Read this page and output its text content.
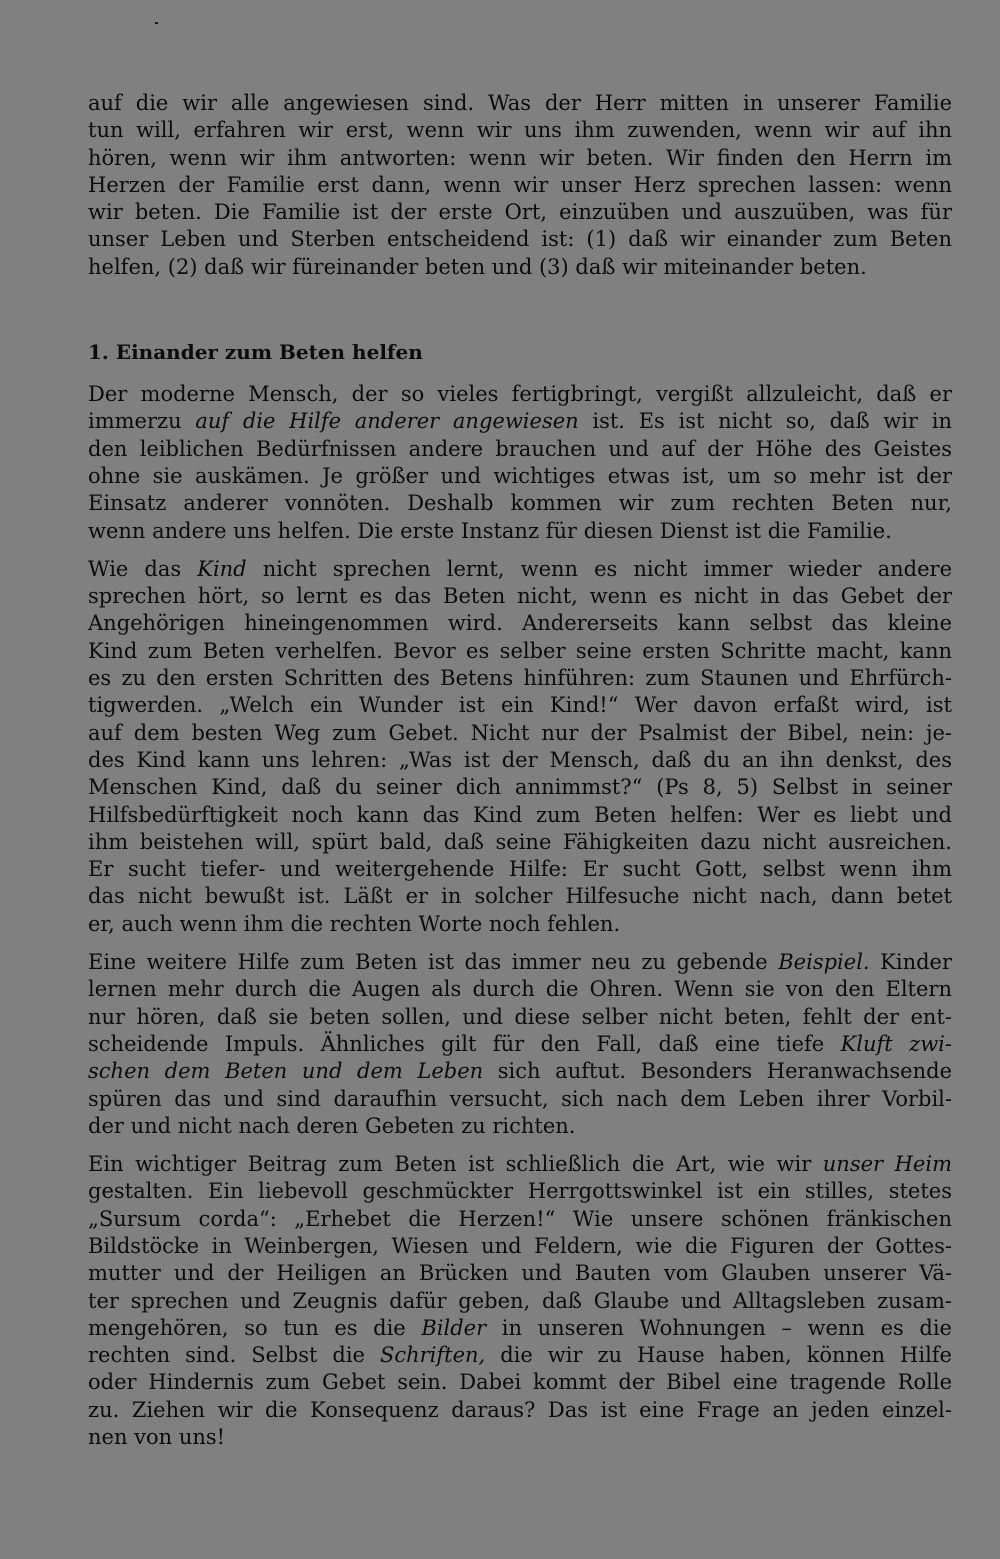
auf die wir alle angewiesen sind. Was der Herr mitten in unserer Familie
tun will, erfahren wir erst, wenn wir uns ihm zuwenden, wenn wir auf ihn
hören, wenn wir ihm antworten: wenn wir beten. Wir finden den Herrn im
Herzen der Familie erst dann, wenn wir unser Herz sprechen lassen: wenn
wir beten. Die Familie ist der erste Ort, einzuüben und auszuüben, was für
unser Leben und Sterben entscheidend ist: (1) daß wir einander zum Beten
helfen, (2) daß wir füreinander beten und (3) daß wir miteinander beten.

1. Einander zum Beten helfen

Der moderne Mensch, der so vieles fertigbringt, vergißt allzuleicht, daß er
immerzu auf die Hilfe anderer angewiesen ist. Es ist nicht so, daß wir in
den leiblichen Bedürfnissen andere brauchen und auf der Höhe des Geistes
ohne sie auskämen. Je größer und wichtiges etwas ist, um so mehr ist der
Einsatz anderer vonnöten. Deshalb kommen wir zum rechten Beten nur,
wenn andere uns helfen. Die erste Instanz für diesen Dienst ist die Familie.

Wie das Kind nicht sprechen lernt, wenn es nicht immer wieder andere
sprechen hört, so lernt es das Beten nicht, wenn es nicht in das Gebet der
Angehörigen hineingenommen wird. Andererseits kann selbst das kleine
Kind zum Beten verhelfen. Bevor es selber seine ersten Schritte macht, kann
es zu den ersten Schritten des Betens hinführen: zum Staunen und Ehrfürch-
tigwerden. „Welch ein Wunder ist ein Kind!“ Wer davon erfaßt wird, ist
auf dem besten Weg zum Gebet. Nicht nur der Psalmist der Bibel, nein: je-
des Kind kann uns lehren: „Was ist der Mensch, daß du an ihn denkst, des
Menschen Kind, daß du seiner dich annimmst?“ (Ps 8, 5) Selbst in seiner
Hilfsbedürftigkeit noch kann das Kind zum Beten helfen: Wer es liebt und
ihm beistehen will, spürt bald, daß seine Fähigkeiten dazu nicht ausreichen.
Er sucht tiefer- und weitergehende Hilfe: Er sucht Gott, selbst wenn ihm
das nicht bewußt ist. Läßt er in solcher Hilfesuche nicht nach, dann betet
er, auch wenn ihm die rechten Worte noch fehlen.

Eine weitere Hilfe zum Beten ist das immer neu zu gebende Beispiel. Kinder
lernen mehr durch die Augen als durch die Ohren. Wenn sie von den Eltern
nur hören, daß sie beten sollen, und diese selber nicht beten, fehlt der ent-
scheidende Impuls. Ähnliches gilt für den Fall, daß eine tiefe Kluft zwi-
schen dem Beten und dem Leben sich auftut. Besonders Heranwachsende
spüren das und sind daraufhin versucht, sich nach dem Leben ihrer Vorbil-
der und nicht nach deren Gebeten zu richten.

Ein wichtiger Beitrag zum Beten ist schließlich die Art, wie wir unser Heim
gestalten. Ein liebevoll geschmückter Herrgottswinkel ist ein stilles, stetes
„Sursum corda“: „Erhebet die Herzen!“ Wie unsere schönen fränkischen
Bildstöcke in Weinbergen, Wiesen und Feldern, wie die Figuren der Gottes-
mutter und der Heiligen an Brücken und Bauten vom Glauben unserer Vä-
ter sprechen und Zeugnis dafür geben, daß Glaube und Alltagsleben zusam-
mengehören, so tun es die Bilder in unseren Wohnungen – wenn es die
rechten sind. Selbst die Schriften, die wir zu Hause haben, können Hilfe
oder Hindernis zum Gebet sein. Dabei kommt der Bibel eine tragende Rolle
zu. Ziehen wir die Konsequenz daraus? Das ist eine Frage an jeden einzel-
nen von uns!
